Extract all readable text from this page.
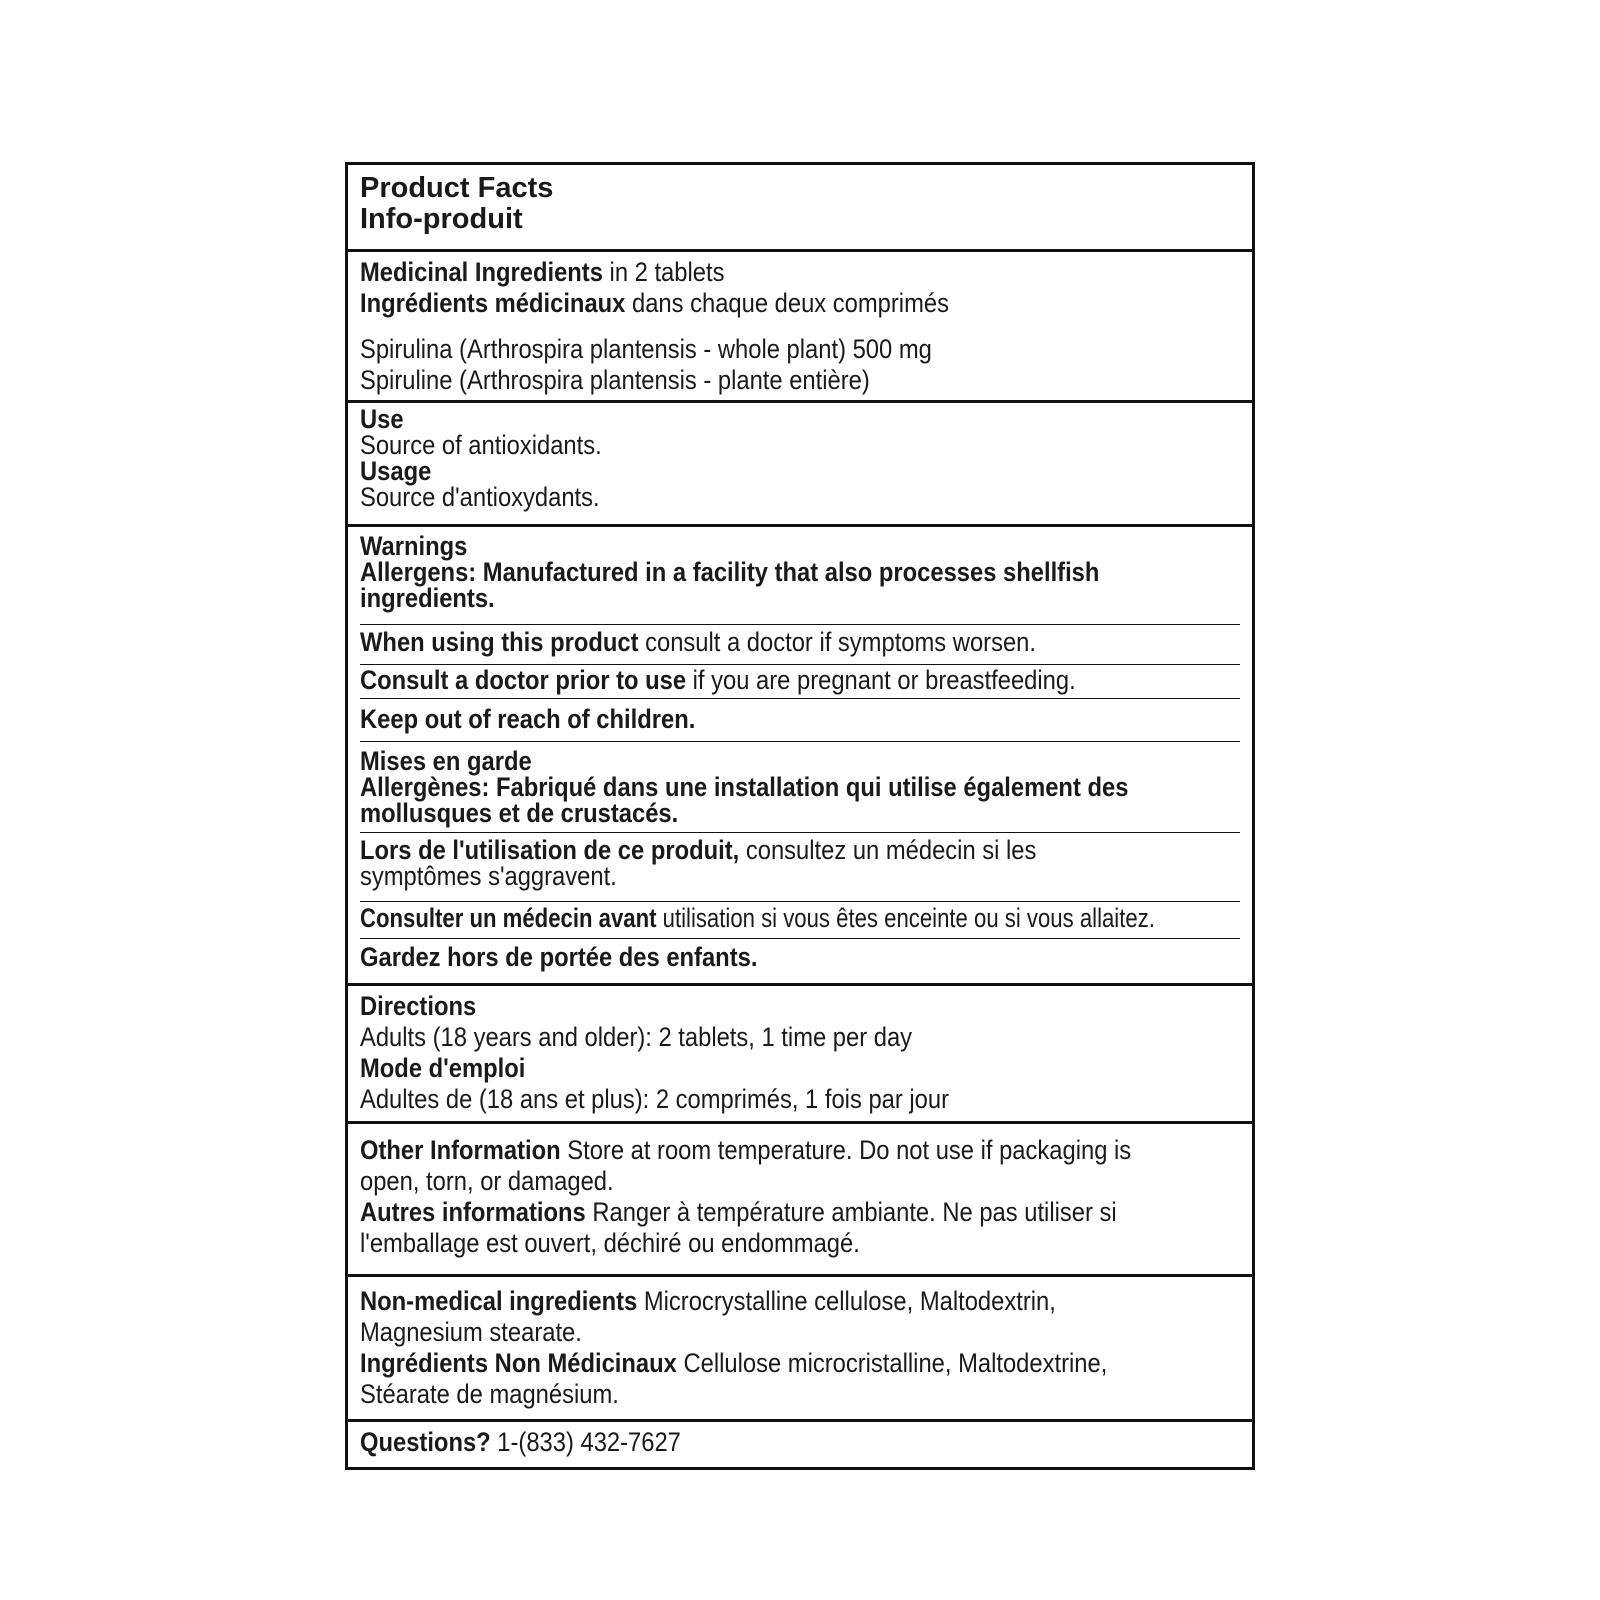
Product Facts
Info-produit
Medicinal Ingredients in 2 tablets
Ingrédients médicinaux dans chaque deux comprimés
Spirulina (Arthrospira plantensis - whole plant) 500 mg
Spiruline (Arthrospira plantensis - plante entière)
Use
Source of antioxidants.
Usage
Source d'antioxydants.
Warnings
Allergens: Manufactured in a facility that also processes shellfish
ingredients.
When using this product consult a doctor if symptoms worsen.
Consult a doctor prior to use if you are pregnant or breastfeeding.
Keep out of reach of children.
Mises en garde
Allergènes: Fabriqué dans une installation qui utilise également des
mollusques et de crustacés.
Lors de l'utilisation de ce produit, consultez un médecin si les
symptômes s'aggravent.
Consulter un médecin avant utilisation si vous êtes enceinte ou si vous allaitez.
Gardez hors de portée des enfants.
Directions
Adults (18 years and older): 2 tablets, 1 time per day
Mode d'emploi
Adultes de (18 ans et plus): 2 comprimés, 1 fois par jour
Other Information Store at room temperature. Do not use if packaging is
open, torn, or damaged.
Autres informations Ranger à température ambiante. Ne pas utiliser si
l'emballage est ouvert, déchiré ou endommagé.
Non-medical ingredients Microcrystalline cellulose, Maltodextrin,
Magnesium stearate.
Ingrédients Non Médicinaux Cellulose microcristalline, Maltodextrine,
Stéarate de magnésium.
Questions? 1-(833) 432-7627
